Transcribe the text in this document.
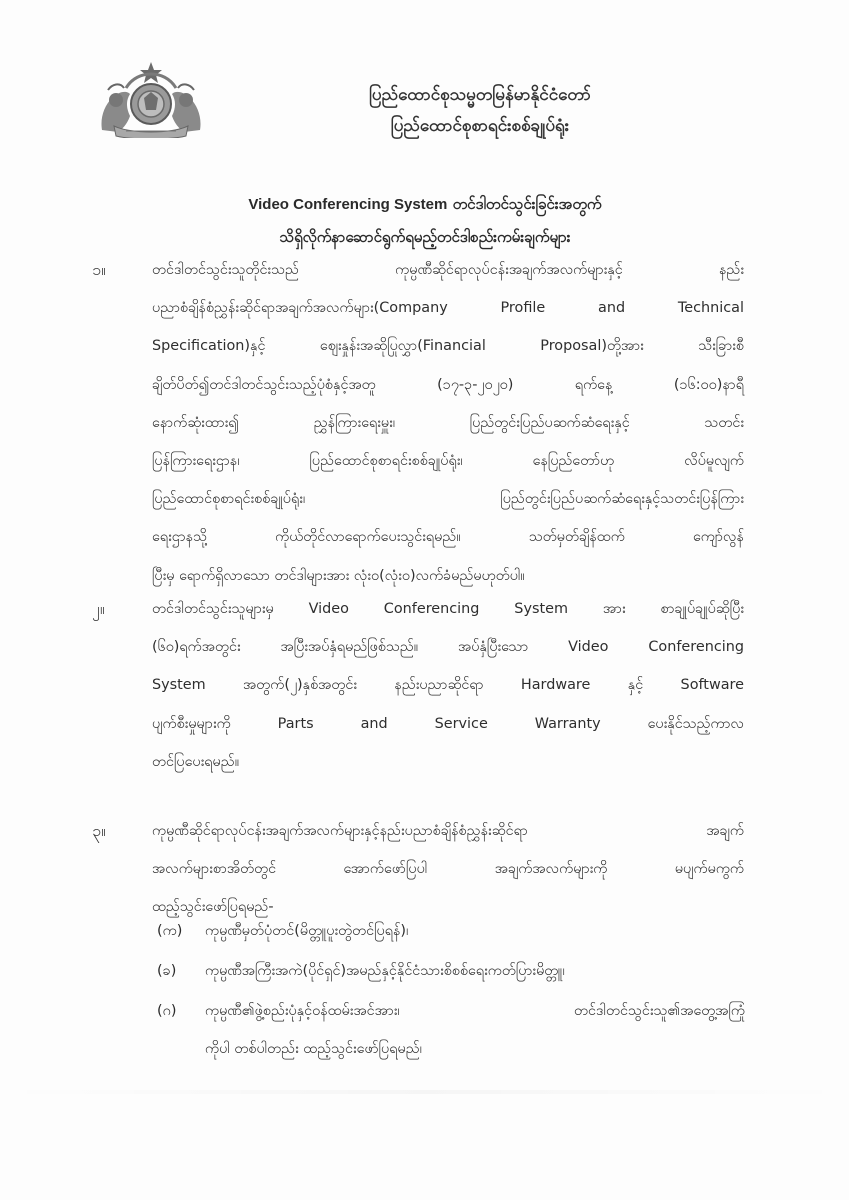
ပြည်ထောင်စုသမ္မတမြန်မာနိုင်ငံတော်
ပြည်ထောင်စုစာရင်းစစ်ချုပ်ရုံး
Video Conferencing System တင်ဒါတင်သွင်းခြင်းအတွက်
သိရှိလိုက်နာဆောင်ရွက်ရမည့်တင်ဒါစည်းကမ်းချက်များ
၁။	တင်ဒါတင်သွင်းသူတိုင်းသည် ကုမ္ပဏီဆိုင်ရာလုပ်ငန်းအချက်အလက်များနှင့် နည်း
ပညာစံချိန်စံညွှန်းဆိုင်ရာအချက်အလက်များ(Company Profile and Technical
Specification)နှင့် ဈေးနှုန်းအဆိုပြုလွှာ(Financial Proposal)တို့အား သီးခြားစီ
ချိတ်ပိတ်၍တင်ဒါတင်သွင်းသည့်ပုံစံနှင့်အတူ (၁၇-၃-၂၀၂၀) ရက်နေ့ (၁၆:၀၀)နာရီ
နောက်ဆုံးထား၍ ညွှန်ကြားရေးမှူး၊ ပြည်တွင်းပြည်ပဆက်ဆံရေးနှင့် သတင်း
ပြန်ကြားရေးဌာန၊ ပြည်ထောင်စုစာရင်းစစ်ချုပ်ရုံး၊ နေပြည်တော်ဟု လိပ်မူလျက်
ပြည်ထောင်စုစာရင်းစစ်ချုပ်ရုံး၊ ပြည်တွင်းပြည်ပဆက်ဆံရေးနှင့်သတင်းပြန်ကြား
ရေးဌာနသို့ ကိုယ်တိုင်လာရောက်ပေးသွင်းရမည်။ သတ်မှတ်ချိန်ထက် ကျော်လွန်
ပြီးမှ ရောက်ရှိလာသော တင်ဒါများအား လုံး၀(လုံး၀)လက်ခံမည်မဟုတ်ပါ။
၂။	တင်ဒါတင်သွင်းသူများမှ Video Conferencing System အား စာချုပ်ချုပ်ဆိုပြီး
(၆၀)ရက်အတွင်း အပြီးအပ်နှံရမည်ဖြစ်သည်။ အပ်နှံပြီးသော Video Conferencing
System အတွက်(၂)နှစ်အတွင်း နည်းပညာဆိုင်ရာ Hardware နှင့် Software
ပျက်စီးမှုများကို Parts and Service Warranty ပေးနိုင်သည့်ကာလ
တင်ပြပေးရမည်။
၃။	ကုမ္ပဏီဆိုင်ရာလုပ်ငန်းအချက်အလက်များနှင့်နည်းပညာစံချိန်စံညွှန်းဆိုင်ရာ အချက်
အလက်များစာအိတ်တွင် အောက်ဖော်ပြပါ အချက်အလက်များကို မပျက်မကွက်
ထည့်သွင်းဖော်ပြရမည်-
(က) ကုမ္ပဏီမှတ်ပုံတင်(မိတ္တူပူးတွဲတင်ပြရန်)၊
(ခ) ကုမ္ပဏီအကြီးအကဲ(ပိုင်ရှင်)အမည်နှင့်နိုင်ငံသားစိစစ်ရေးကတ်ပြားမိတ္တူ၊
(ဂ) ကုမ္ပဏီ၏ဖွဲ့စည်းပုံနှင့်ဝန်ထမ်းအင်အား၊ တင်ဒါတင်သွင်းသူ၏အတွေ့အကြုံ
ကိုပါ တစ်ပါတည်း ထည့်သွင်းဖော်ပြရမည်၊
